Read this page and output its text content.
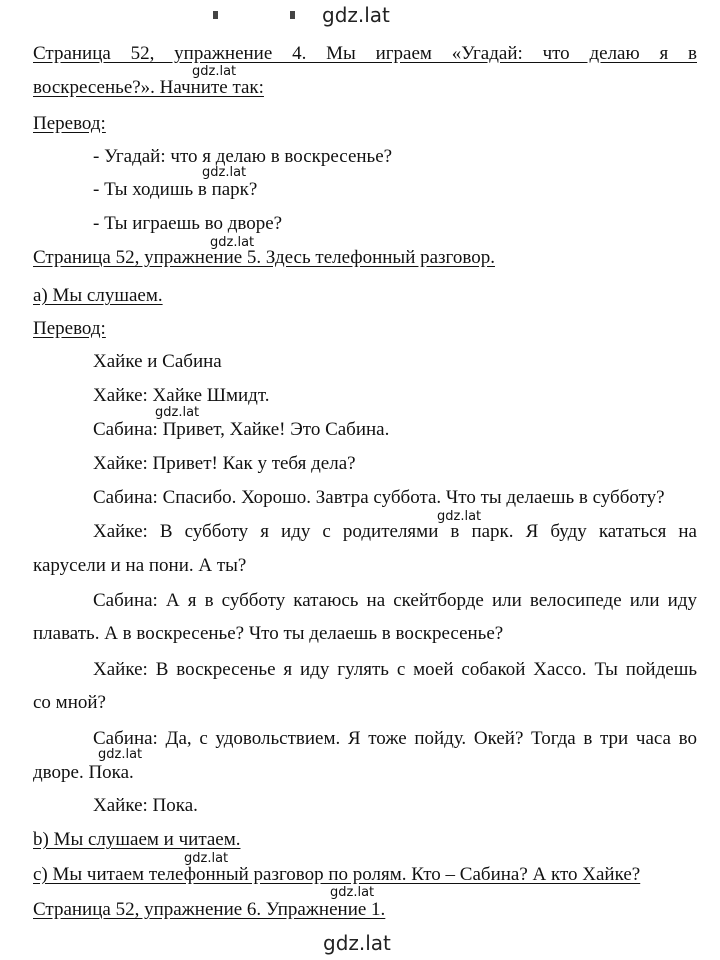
gdz.lat
Страница 52, упражнение 4. Мы играем «Угадай: что делаю я в
воскресенье?». Начните так:
Перевод:
- Угадай: что я делаю в воскресенье?
- Ты ходишь в парк?
- Ты играешь во дворе?
Страница 52, упражнение 5. Здесь телефонный разговор.
а) Мы слушаем.
Перевод:
Хайке и Сабина
Хайке: Хайке Шмидт.
Сабина: Привет, Хайке! Это Сабина.
Хайке: Привет! Как у тебя дела?
Сабина: Спасибо. Хорошо. Завтра суббота. Что ты делаешь в субботу?
Хайке: В субботу я иду с родителями в парк. Я буду кататься на
карусели и на пони. А ты?
Сабина: А я в субботу катаюсь на скейтборде или велосипеде или иду
плавать. А в воскресенье? Что ты делаешь в воскресенье?
Хайке: В воскресенье я иду гулять с моей собакой Хассо. Ты пойдешь
со мной?
Сабина: Да, с удовольствием. Я тоже пойду. Окей? Тогда в три часа во
дворе. Пока.
Хайке: Пока.
b) Мы слушаем и читаем.
c) Мы читаем телефонный разговор по ролям. Кто – Сабина? А кто Хайке?
Страница 52, упражнение 6. Упражнение 1.
gdz.lat
gdz.lat
gdz.lat
gdz.lat
gdz.lat
gdz.lat
gdz.lat
gdz.lat
gdz.lat
